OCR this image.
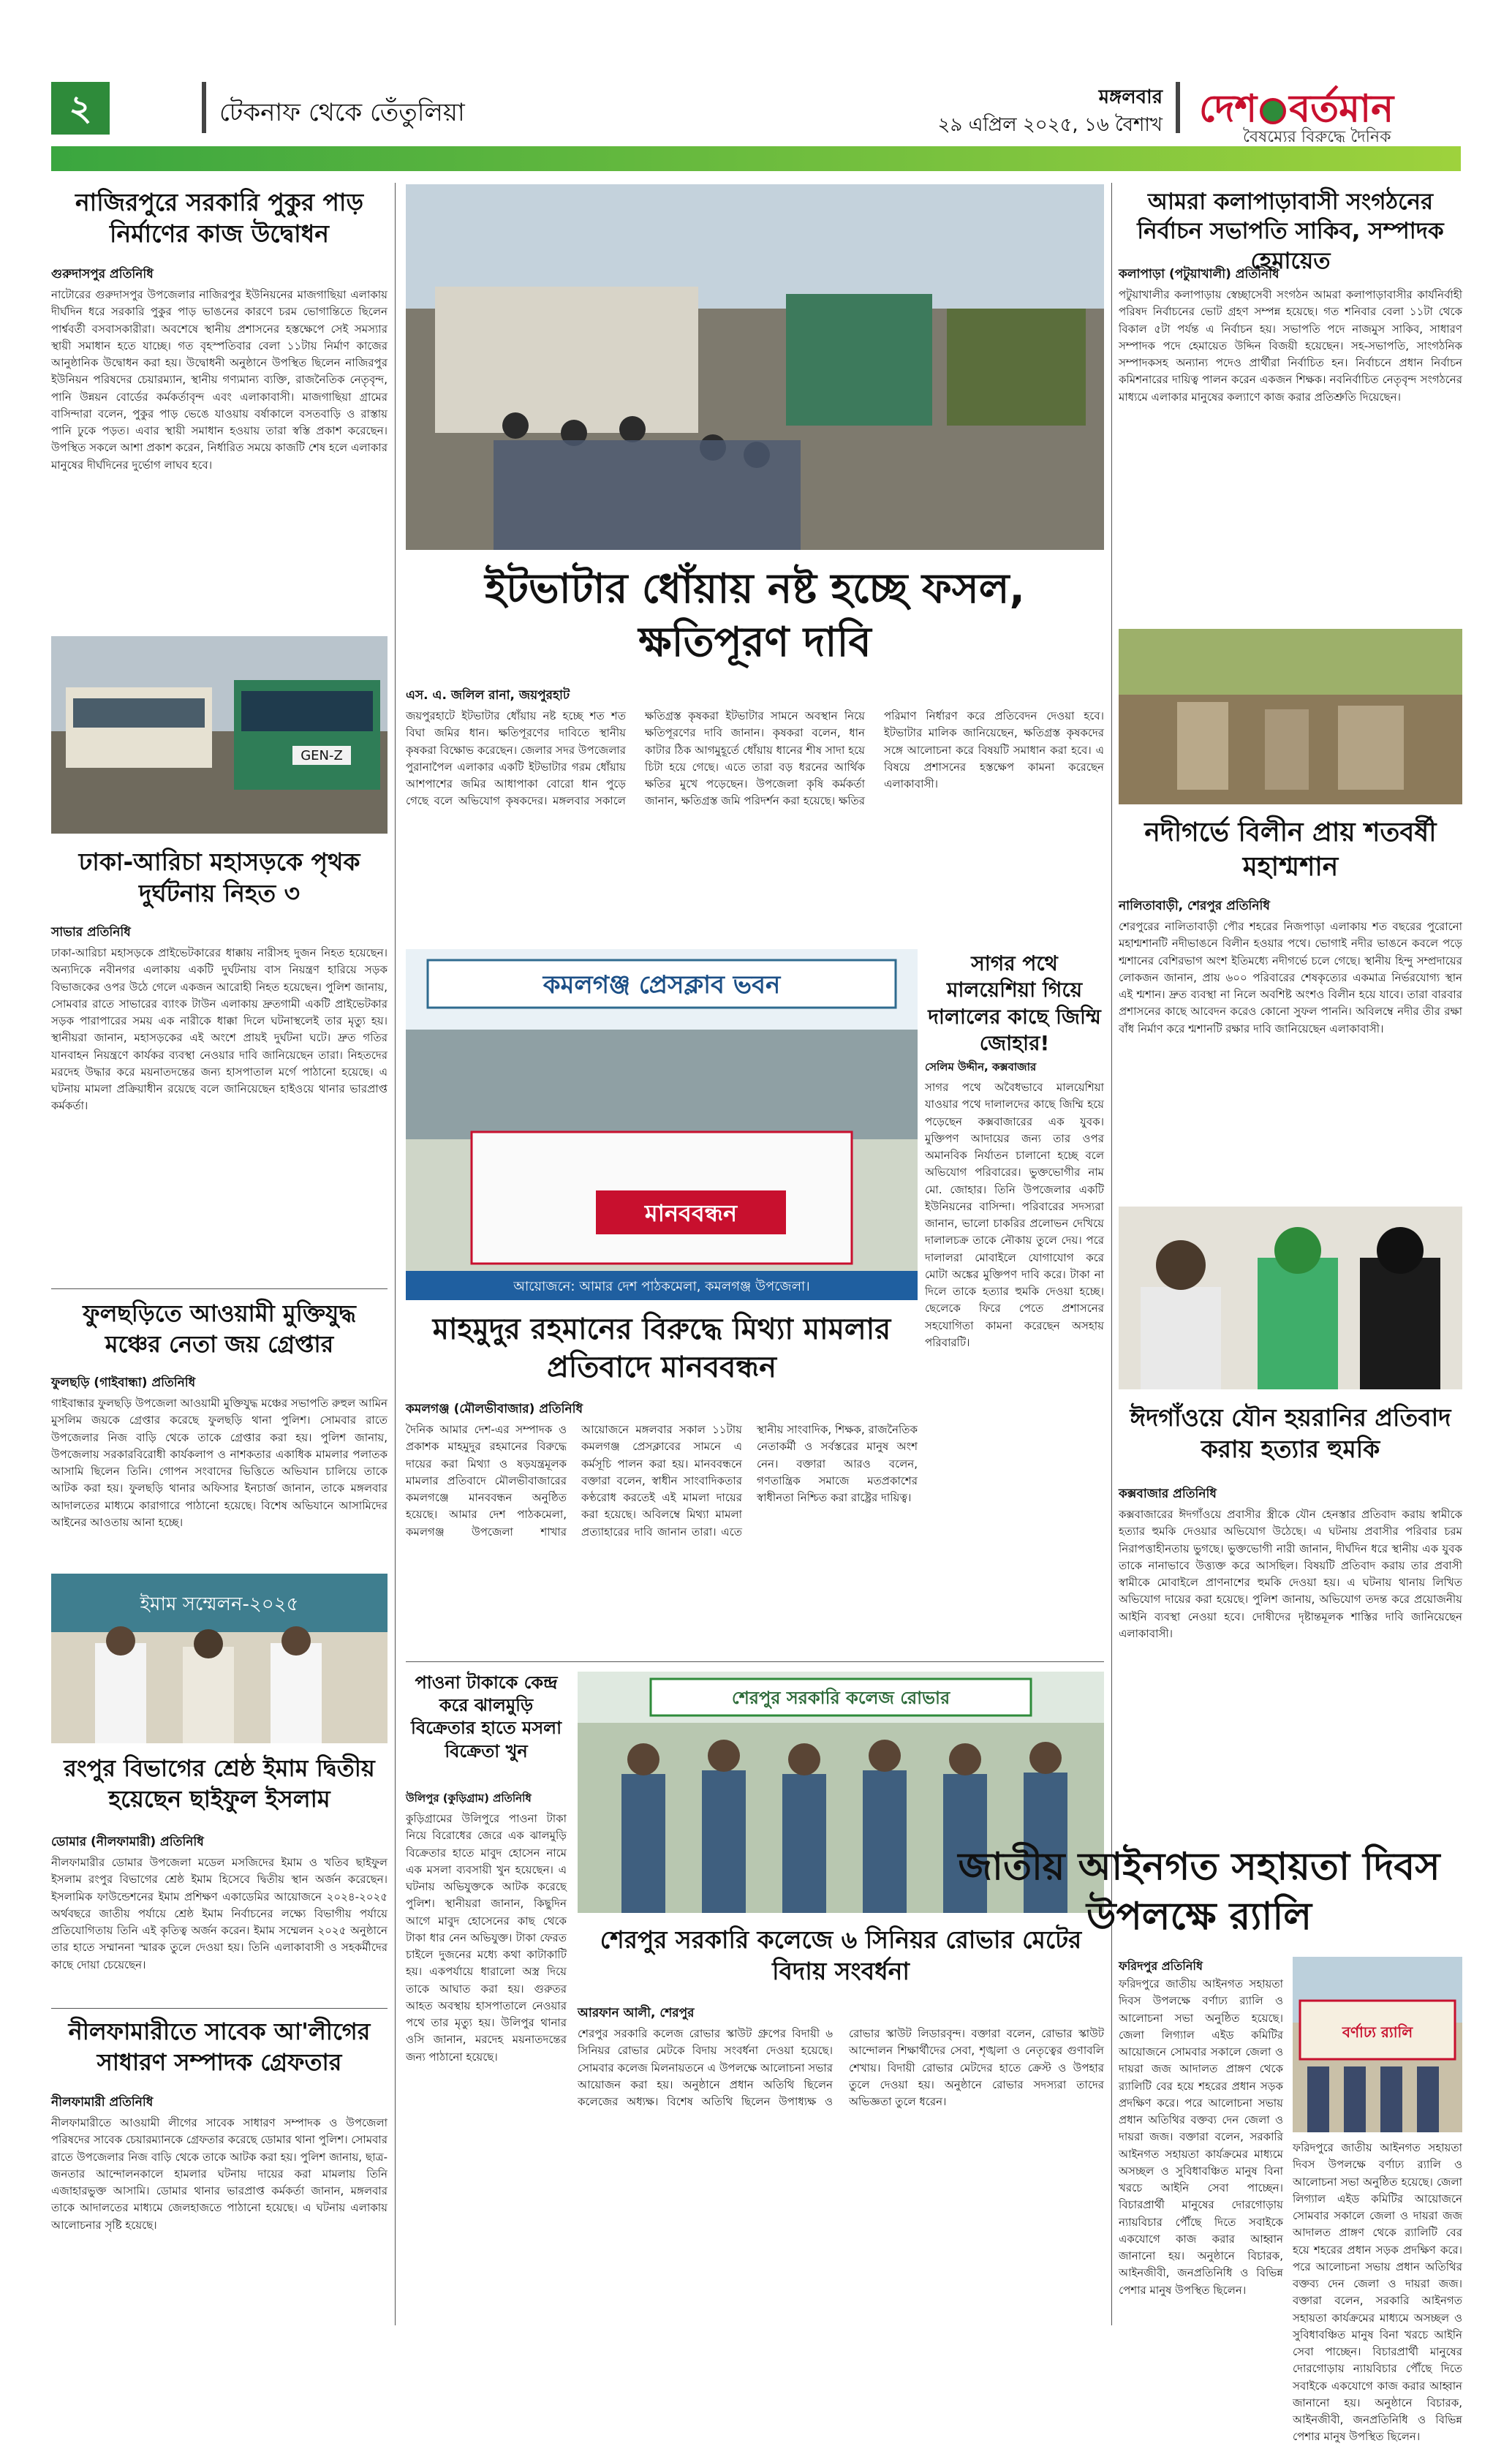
২	টেকনাফ থেকে তেঁতুলিয়া
মঙ্গলবার
২৯ এপ্রিল ২০২৫, ১৬ বৈশাখ দেশ বর্তমান
বৈষম্যের বিরুদ্ধে দৈনিক
নাজিরপুরে সরকারি পুকুর পাড় নির্মাণের কাজ উদ্বোধন
গুরুদাসপুর প্রতিনিধি
নাটোরের গুরুদাসপুর উপজেলার নাজিরপুর ইউনিয়নের মাজগাছিয়া এলাকায় দীর্ঘদিন ধরে সরকারি পুকুর পাড় ভাঙনের কারণে চরম ভোগান্তিতে ছিলেন পার্শ্ববর্তী বসবাসকারীরা। অবশেষে স্থানীয় প্রশাসনের হস্তক্ষেপে সেই সমস্যার স্থায়ী সমাধান হতে যাচ্ছে। গত বৃহস্পতিবার বেলা ১১টায় নির্মাণ কাজের আনুষ্ঠানিক উদ্বোধন করা হয়। উদ্বোধনী অনুষ্ঠানে উপস্থিত ছিলেন নাজিরপুর ইউনিয়ন পরিষদের চেয়ারম্যান, স্থানীয় গণ্যমান্য ব্যক্তি, রাজনৈতিক নেতৃবৃন্দ, পানি উন্নয়ন বোর্ডের কর্মকর্তাবৃন্দ এবং এলাকাবাসী। মাজগাছিয়া গ্রামের বাসিন্দারা বলেন, পুকুর পাড় ভেঙে যাওয়ায় বর্ষাকালে বসতবাড়ি ও রাস্তায় পানি ঢুকে পড়ত। এবার স্থায়ী সমাধান হওয়ায় তারা স্বস্তি প্রকাশ করেছেন। উপস্থিত সকলে আশা প্রকাশ করেন, নির্ধারিত সময়ে কাজটি শেষ হলে এলাকার মানুষের দীর্ঘদিনের দুর্ভোগ লাঘব হবে।
GEN-Z
ঢাকা-আরিচা মহাসড়কে পৃথক দুর্ঘটনায় নিহত ৩
সাভার প্রতিনিধি
ঢাকা-আরিচা মহাসড়কে প্রাইভেটকারের ধাক্কায় নারীসহ দুজন নিহত হয়েছেন। অন্যদিকে নবীনগর এলাকায় একটি দুর্ঘটনায় বাস নিয়ন্ত্রণ হারিয়ে সড়ক বিভাজকের ওপর উঠে গেলে একজন আরোহী নিহত হয়েছেন। পুলিশ জানায়, সোমবার রাতে সাভারের ব্যাংক টাউন এলাকায় দ্রুতগামী একটি প্রাইভেটকার সড়ক পারাপারের সময় এক নারীকে ধাক্কা দিলে ঘটনাস্থলেই তার মৃত্যু হয়। স্থানীয়রা জানান, মহাসড়কের এই অংশে প্রায়ই দুর্ঘটনা ঘটে। দ্রুত গতির যানবাহন নিয়ন্ত্রণে কার্যকর ব্যবস্থা নেওয়ার দাবি জানিয়েছেন তারা। নিহতদের মরদেহ উদ্ধার করে ময়নাতদন্তের জন্য হাসপাতাল মর্গে পাঠানো হয়েছে। এ ঘটনায় মামলা প্রক্রিয়াধীন রয়েছে বলে জানিয়েছেন হাইওয়ে থানার ভারপ্রাপ্ত কর্মকর্তা।
ফুলছড়িতে আওয়ামী মুক্তিযুদ্ধ মঞ্চের নেতা জয় গ্রেপ্তার
ফুলছড়ি (গাইবান্ধা) প্রতিনিধি
গাইবান্ধার ফুলছড়ি উপজেলা আওয়ামী মুক্তিযুদ্ধ মঞ্চের সভাপতি রুহুল আমিন মুসলিম জয়কে গ্রেপ্তার করেছে ফুলছড়ি থানা পুলিশ। সোমবার রাতে উপজেলার নিজ বাড়ি থেকে তাকে গ্রেপ্তার করা হয়। পুলিশ জানায়, উপজেলায় সরকারবিরোধী কার্যকলাপ ও নাশকতার একাধিক মামলার পলাতক আসামি ছিলেন তিনি। গোপন সংবাদের ভিত্তিতে অভিযান চালিয়ে তাকে আটক করা হয়। ফুলছড়ি থানার অফিসার ইনচার্জ জানান, তাকে মঙ্গলবার আদালতের মাধ্যমে কারাগারে পাঠানো হয়েছে। বিশেষ অভিযানে আসামিদের আইনের আওতায় আনা হচ্ছে।
ইমাম সম্মেলন-২০২৫
রংপুর বিভাগের শ্রেষ্ঠ ইমাম দ্বিতীয় হয়েছেন ছাইফুল ইসলাম
ডোমার (নীলফামারী) প্রতিনিধি
নীলফামারীর ডোমার উপজেলা মডেল মসজিদের ইমাম ও খতিব ছাইফুল ইসলাম রংপুর বিভাগের শ্রেষ্ঠ ইমাম হিসেবে দ্বিতীয় স্থান অর্জন করেছেন। ইসলামিক ফাউন্ডেশনের ইমাম প্রশিক্ষণ একাডেমির আয়োজনে ২০২৪-২০২৫ অর্থবছরে জাতীয় পর্যায়ে শ্রেষ্ঠ ইমাম নির্বাচনের লক্ষ্যে বিভাগীয় পর্যায়ে প্রতিযোগিতায় তিনি এই কৃতিত্ব অর্জন করেন। ইমাম সম্মেলন ২০২৫ অনুষ্ঠানে তার হাতে সম্মাননা স্মারক তুলে দেওয়া হয়। তিনি এলাকাবাসী ও সহকর্মীদের কাছে দোয়া চেয়েছেন।
নীলফামারীতে সাবেক আ'লীগের সাধারণ সম্পাদক গ্রেফতার
নীলফামারী প্রতিনিধি
নীলফামারীতে আওয়ামী লীগের সাবেক সাধারণ সম্পাদক ও উপজেলা পরিষদের সাবেক চেয়ারম্যানকে গ্রেফতার করেছে ডোমার থানা পুলিশ। সোমবার রাতে উপজেলার নিজ বাড়ি থেকে তাকে আটক করা হয়। পুলিশ জানায়, ছাত্র-জনতার আন্দোলনকালে হামলার ঘটনায় দায়ের করা মামলায় তিনি এজাহারভুক্ত আসামি। ডোমার থানার ভারপ্রাপ্ত কর্মকর্তা জানান, মঙ্গলবার তাকে আদালতের মাধ্যমে জেলহাজতে পাঠানো হয়েছে। এ ঘটনায় এলাকায় আলোচনার সৃষ্টি হয়েছে।
ইটভাটার ধোঁয়ায় নষ্ট হচ্ছে ফসল, ক্ষতিপূরণ দাবি
এস. এ. জলিল রানা, জয়পুরহাট
জয়পুরহাটে ইটভাটার ধোঁয়ায় নষ্ট হচ্ছে শত শত বিঘা জমির ধান। ক্ষতিপূরণের দাবিতে স্থানীয় কৃষকরা বিক্ষোভ করেছেন। জেলার সদর উপজেলার পুরানাপৈল এলাকার একটি ইটভাটার গরম ধোঁয়ায় আশপাশের জমির আধাপাকা বোরো ধান পুড়ে গেছে বলে অভিযোগ কৃষকদের। মঙ্গলবার সকালে ক্ষতিগ্রস্ত কৃষকরা ইটভাটার সামনে অবস্থান নিয়ে ক্ষতিপূরণের দাবি জানান। কৃষকরা বলেন, ধান কাটার ঠিক আগমুহূর্তে ধোঁয়ায় ধানের শীষ সাদা হয়ে চিটা হয়ে গেছে। এতে তারা বড় ধরনের আর্থিক ক্ষতির মুখে পড়েছেন। উপজেলা কৃষি কর্মকর্তা জানান, ক্ষতিগ্রস্ত জমি পরিদর্শন করা হয়েছে। ক্ষতির পরিমাণ নির্ধারণ করে প্রতিবেদন দেওয়া হবে। ইটভাটার মালিক জানিয়েছেন, ক্ষতিগ্রস্ত কৃষকদের সঙ্গে আলোচনা করে বিষয়টি সমাধান করা হবে। এ বিষয়ে প্রশাসনের হস্তক্ষেপ কামনা করেছেন এলাকাবাসী।
কমলগঞ্জ প্রেসক্লাব ভবন
মানববন্ধন
আয়োজনে: আমার দেশ পাঠকমেলা, কমলগঞ্জ উপজেলা।
সাগর পথে মালয়েশিয়া গিয়ে দালালের কাছে জিম্মি জোহার!
সেলিম উদ্দীন, কক্সবাজার
সাগর পথে অবৈধভাবে মালয়েশিয়া যাওয়ার পথে দালালদের কাছে জিম্মি হয়ে পড়েছেন কক্সবাজারের এক যুবক। মুক্তিপণ আদায়ের জন্য তার ওপর অমানবিক নির্যাতন চালানো হচ্ছে বলে অভিযোগ পরিবারের। ভুক্তভোগীর নাম মো. জোহার। তিনি উপজেলার একটি ইউনিয়নের বাসিন্দা। পরিবারের সদস্যরা জানান, ভালো চাকরির প্রলোভন দেখিয়ে দালালচক্র তাকে নৌকায় তুলে দেয়। পরে দালালরা মোবাইলে যোগাযোগ করে মোটা অঙ্কের মুক্তিপণ দাবি করে। টাকা না দিলে তাকে হত্যার হুমকি দেওয়া হচ্ছে। ছেলেকে ফিরে পেতে প্রশাসনের সহযোগিতা কামনা করেছেন অসহায় পরিবারটি।
মাহমুদুর রহমানের বিরুদ্ধে মিথ্যা মামলার প্রতিবাদে মানববন্ধন
কমলগঞ্জ (মৌলভীবাজার) প্রতিনিধি
দৈনিক আমার দেশ-এর সম্পাদক ও প্রকাশক মাহমুদুর রহমানের বিরুদ্ধে দায়ের করা মিথ্যা ও ষড়যন্ত্রমূলক মামলার প্রতিবাদে মৌলভীবাজারের কমলগঞ্জে মানববন্ধন অনুষ্ঠিত হয়েছে। আমার দেশ পাঠকমেলা, কমলগঞ্জ উপজেলা শাখার আয়োজনে মঙ্গলবার সকাল ১১টায় কমলগঞ্জ প্রেসক্লাবের সামনে এ কর্মসূচি পালন করা হয়। মানববন্ধনে বক্তারা বলেন, স্বাধীন সাংবাদিকতার কণ্ঠরোধ করতেই এই মামলা দায়ের করা হয়েছে। অবিলম্বে মিথ্যা মামলা প্রত্যাহারের দাবি জানান তারা। এতে স্থানীয় সাংবাদিক, শিক্ষক, রাজনৈতিক নেতাকর্মী ও সর্বস্তরের মানুষ অংশ নেন। বক্তারা আরও বলেন, গণতান্ত্রিক সমাজে মতপ্রকাশের স্বাধীনতা নিশ্চিত করা রাষ্ট্রের দায়িত্ব।
পাওনা টাকাকে কেন্দ্র করে ঝালমুড়ি বিক্রেতার হাতে মসলা বিক্রেতা খুন
উলিপুর (কুড়িগ্রাম) প্রতিনিধি
কুড়িগ্রামের উলিপুরে পাওনা টাকা নিয়ে বিরোধের জেরে এক ঝালমুড়ি বিক্রেতার হাতে মাবুদ হোসেন নামে এক মসলা ব্যবসায়ী খুন হয়েছেন। এ ঘটনায় অভিযুক্তকে আটক করেছে পুলিশ। স্থানীয়রা জানান, কিছুদিন আগে মাবুদ হোসেনের কাছ থেকে টাকা ধার নেন অভিযুক্ত। টাকা ফেরত চাইলে দুজনের মধ্যে কথা কাটাকাটি হয়। একপর্যায়ে ধারালো অস্ত্র দিয়ে তাকে আঘাত করা হয়। গুরুতর আহত অবস্থায় হাসপাতালে নেওয়ার পথে তার মৃত্যু হয়। উলিপুর থানার ওসি জানান, মরদেহ ময়নাতদন্তের জন্য পাঠানো হয়েছে।
শেরপুর সরকারি কলেজ রোভার
শেরপুর সরকারি কলেজে ৬ সিনিয়র রোভার মেটের বিদায় সংবর্ধনা
আরফান আলী, শেরপুর
শেরপুর সরকারি কলেজ রোভার স্কাউট গ্রুপের বিদায়ী ৬ সিনিয়র রোভার মেটকে বিদায় সংবর্ধনা দেওয়া হয়েছে। সোমবার কলেজ মিলনায়তনে এ উপলক্ষে আলোচনা সভার আয়োজন করা হয়। অনুষ্ঠানে প্রধান অতিথি ছিলেন কলেজের অধ্যক্ষ। বিশেষ অতিথি ছিলেন উপাধ্যক্ষ ও রোভার স্কাউট লিডারবৃন্দ। বক্তারা বলেন, রোভার স্কাউট আন্দোলন শিক্ষার্থীদের সেবা, শৃঙ্খলা ও নেতৃত্বের গুণাবলি শেখায়। বিদায়ী রোভার মেটদের হাতে ক্রেস্ট ও উপহার তুলে দেওয়া হয়। অনুষ্ঠানে রোভার সদস্যরা তাদের অভিজ্ঞতা তুলে ধরেন।
আমরা কলাপাড়াবাসী সংগঠনের নির্বাচন সভাপতি সাকিব, সম্পাদক হেমায়েত
কলাপাড়া (পটুয়াখালী) প্রতিনিধি
পটুয়াখালীর কলাপাড়ায় স্বেচ্ছাসেবী সংগঠন আমরা কলাপাড়াবাসীর কার্যনির্বাহী পরিষদ নির্বাচনের ভোট গ্রহণ সম্পন্ন হয়েছে। গত শনিবার বেলা ১১টা থেকে বিকাল ৫টা পর্যন্ত এ নির্বাচন হয়। সভাপতি পদে নাজমুস সাকিব, সাধারণ সম্পাদক পদে হেমায়েত উদ্দিন বিজয়ী হয়েছেন। সহ-সভাপতি, সাংগঠনিক সম্পাদকসহ অন্যান্য পদেও প্রার্থীরা নির্বাচিত হন। নির্বাচনে প্রধান নির্বাচন কমিশনারের দায়িত্ব পালন করেন একজন শিক্ষক। নবনির্বাচিত নেতৃবৃন্দ সংগঠনের মাধ্যমে এলাকার মানুষের কল্যাণে কাজ করার প্রতিশ্রুতি দিয়েছেন।
নদীগর্ভে বিলীন প্রায় শতবর্ষী মহাশ্মশান
নালিতাবাড়ী, শেরপুর প্রতিনিধি
শেরপুরের নালিতাবাড়ী পৌর শহরের নিজপাড়া এলাকায় শত বছরের পুরোনো মহাশ্মশানটি নদীভাঙনে বিলীন হওয়ার পথে। ভোগাই নদীর ভাঙনে কবলে পড়ে শ্মশানের বেশিরভাগ অংশ ইতিমধ্যে নদীগর্ভে চলে গেছে। স্থানীয় হিন্দু সম্প্রদায়ের লোকজন জানান, প্রায় ৬০০ পরিবারের শেষকৃত্যের একমাত্র নির্ভরযোগ্য স্থান এই শ্মশান। দ্রুত ব্যবস্থা না নিলে অবশিষ্ট অংশও বিলীন হয়ে যাবে। তারা বারবার প্রশাসনের কাছে আবেদন করেও কোনো সুফল পাননি। অবিলম্বে নদীর তীর রক্ষা বাঁধ নির্মাণ করে শ্মশানটি রক্ষার দাবি জানিয়েছেন এলাকাবাসী।
ঈদগাঁওয়ে যৌন হয়রানির প্রতিবাদ করায় হত্যার হুমকি
কক্সবাজার প্রতিনিধি
কক্সবাজারের ঈদগাঁওয়ে প্রবাসীর স্ত্রীকে যৌন হেনস্তার প্রতিবাদ করায় স্বামীকে হত্যার হুমকি দেওয়ার অভিযোগ উঠেছে। এ ঘটনায় প্রবাসীর পরিবার চরম নিরাপত্তাহীনতায় ভুগছে। ভুক্তভোগী নারী জানান, দীর্ঘদিন ধরে স্থানীয় এক যুবক তাকে নানাভাবে উত্ত্যক্ত করে আসছিল। বিষয়টি প্রতিবাদ করায় তার প্রবাসী স্বামীকে মোবাইলে প্রাণনাশের হুমকি দেওয়া হয়। এ ঘটনায় থানায় লিখিত অভিযোগ দায়ের করা হয়েছে। পুলিশ জানায়, অভিযোগ তদন্ত করে প্রয়োজনীয় আইনি ব্যবস্থা নেওয়া হবে। দোষীদের দৃষ্টান্তমূলক শাস্তির দাবি জানিয়েছেন এলাকাবাসী।
জাতীয় আইনগত সহায়তা দিবস উপলক্ষে র‍্যালি
ফরিদপুর প্রতিনিধি
ফরিদপুরে জাতীয় আইনগত সহায়তা দিবস উপলক্ষে বর্ণাঢ্য র‍্যালি ও আলোচনা সভা অনুষ্ঠিত হয়েছে। জেলা লিগ্যাল এইড কমিটির আয়োজনে সোমবার সকালে জেলা ও দায়রা জজ আদালত প্রাঙ্গণ থেকে র‍্যালিটি বের হয়ে শহরের প্রধান সড়ক প্রদক্ষিণ করে। পরে আলোচনা সভায় প্রধান অতিথির বক্তব্য দেন জেলা ও দায়রা জজ। বক্তারা বলেন, সরকারি আইনগত সহায়তা কার্যক্রমের মাধ্যমে অসচ্ছল ও সুবিধাবঞ্চিত মানুষ বিনা খরচে আইনি সেবা পাচ্ছেন। বিচারপ্রার্থী মানুষের দোরগোড়ায় ন্যায়বিচার পৌঁছে দিতে সবাইকে একযোগে কাজ করার আহ্বান জানানো হয়। অনুষ্ঠানে বিচারক, আইনজীবী, জনপ্রতিনিধি ও বিভিন্ন পেশার মানুষ উপস্থিত ছিলেন।
বর্ণাঢ্য র‍্যালি
ফরিদপুরে জাতীয় আইনগত সহায়তা দিবস উপলক্ষে বর্ণাঢ্য র‍্যালি ও আলোচনা সভা অনুষ্ঠিত হয়েছে। জেলা লিগ্যাল এইড কমিটির আয়োজনে সোমবার সকালে জেলা ও দায়রা জজ আদালত প্রাঙ্গণ থেকে র‍্যালিটি বের হয়ে শহরের প্রধান সড়ক প্রদক্ষিণ করে। পরে আলোচনা সভায় প্রধান অতিথির বক্তব্য দেন জেলা ও দায়রা জজ। বক্তারা বলেন, সরকারি আইনগত সহায়তা কার্যক্রমের মাধ্যমে অসচ্ছল ও সুবিধাবঞ্চিত মানুষ বিনা খরচে আইনি সেবা পাচ্ছেন। বিচারপ্রার্থী মানুষের দোরগোড়ায় ন্যায়বিচার পৌঁছে দিতে সবাইকে একযোগে কাজ করার আহ্বান জানানো হয়। অনুষ্ঠানে বিচারক, আইনজীবী, জনপ্রতিনিধি ও বিভিন্ন পেশার মানুষ উপস্থিত ছিলেন।
